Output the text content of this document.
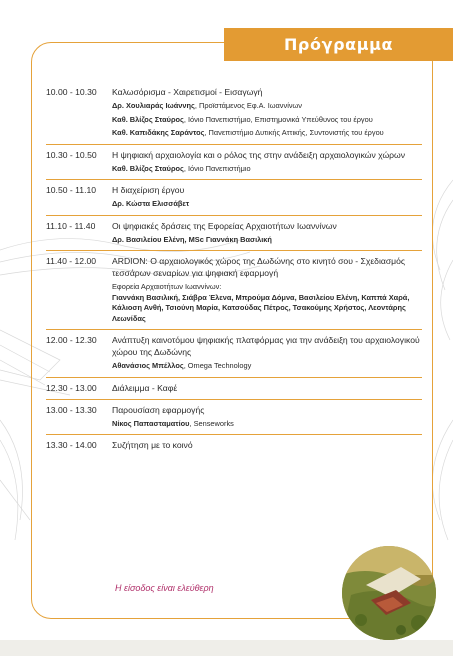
Πρόγραμμα
10.00 - 10.30	Καλωσόρισμα - Χαιρετισμοί - Εισαγωγή
Δρ. Χουλιαράς Ιωάννης, Προϊστάμενος Εφ.Α. Ιωαννίνων
Καθ. Βλίζος Σταύρος, Ιόνιο Πανεπιστήμιο, Επιστημονικά Υπεύθυνος του έργου
Καθ. Καπιδάκης Σαράντος, Πανεπιστήμιο Δυτικής Αττικής, Συντονιστής του έργου
10.30 - 10.50	Η ψηφιακή αρχαιολογία και ο ρόλος της στην ανάδειξη αρχαιολογικών χώρων
Καθ. Βλίζος Σταύρος, Ιόνιο Πανεπιστήμιο
10.50 - 11.10	Η διαχείριση έργου
Δρ. Κώστα Ελισσάβετ
11.10 - 11.40	Οι ψηφιακές δράσεις της Εφορείας Αρχαιοτήτων Ιωαννίνων
Δρ. Βασιλείου Ελένη, MSc Γιαννάκη Βασιλική
11.40 - 12.00	ARDION: Ο αρχαιολογικός χώρος της Δωδώνης στο κινητό σου - Σχεδιασμός τεσσάρων σεναρίων για ψηφιακή εφαρμογή
Εφορεία Αρχαιοτήτων Ιωαννίνων:
Γιαννάκη Βασιλική, Σιάβρα Έλενα, Μπρούμα Δόμνα, Βασιλείου Ελένη, Καππά Χαρά, Κάλιοση Ανθή, Τσιούνη Μαρία, Κατσούδας Πέτρος, Τσακούμης Χρήστος, Λεοντάρης Λεωνίδας
12.00 - 12.30	Ανάπτυξη καινοτόμου ψηφιακής πλατφόρμας για την ανάδειξη του αρχαιολογικού χώρου της Δωδώνης
Αθανάσιος Μπέλλος, Omega Technology
12.30 - 13.00	Διάλειμμα - Καφέ
13.00 - 13.30	Παρουσίαση εφαρμογής
Νίκος Παπασταματίου, Senseworks
13.30 - 14.00	Συζήτηση με το κοινό
Η είσοδος είναι ελεύθερη
